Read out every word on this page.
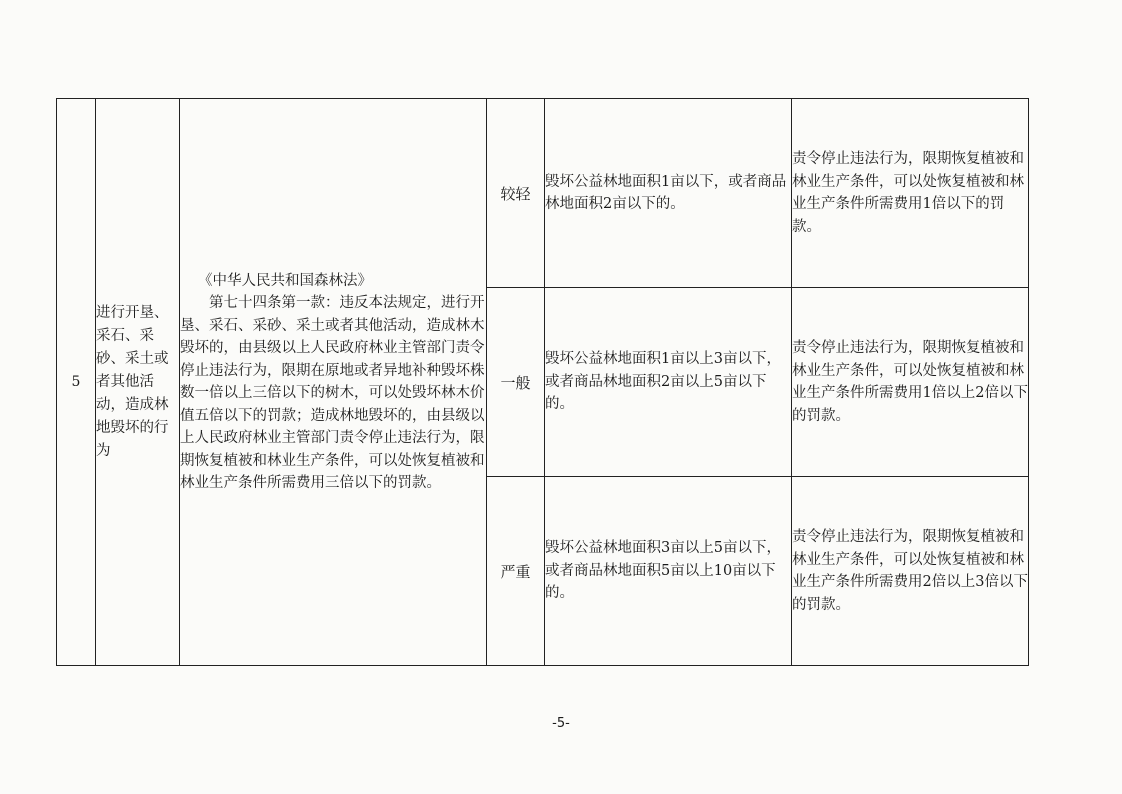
5	进行开垦、采石、采砂、采土或者其他活动，造成林地毁坏的行为	《中华人民共和国森林法》
第七十四条第一款：违反本法规定，进行开垦、采石、采砂、采土或者其他活动，造成林木毁坏的，由县级以上人民政府林业主管部门责令停止违法行为，限期在原地或者异地补种毁坏株数一倍以上三倍以下的树木，可以处毁坏林木价值五倍以下的罚款；造成林地毁坏的，由县级以上人民政府林业主管部门责令停止违法行为，限期恢复植被和林业生产条件，可以处恢复植被和林业生产条件所需费用三倍以下的罚款。	较轻	毁坏公益林地面积1亩以下，或者商品林地面积2亩以下的。	责令停止违法行为，限期恢复植被和林业生产条件，可以处恢复植被和林业生产条件所需费用1倍以下的罚款。
			一般	毁坏公益林地面积1亩以上3亩以下，或者商品林地面积2亩以上5亩以下的。	责令停止违法行为，限期恢复植被和林业生产条件，可以处恢复植被和林业生产条件所需费用1倍以上2倍以下的罚款。
			严重	毁坏公益林地面积3亩以上5亩以下，或者商品林地面积5亩以上10亩以下的。	责令停止违法行为，限期恢复植被和林业生产条件，可以处恢复植被和林业生产条件所需费用2倍以上3倍以下的罚款。
-5-
